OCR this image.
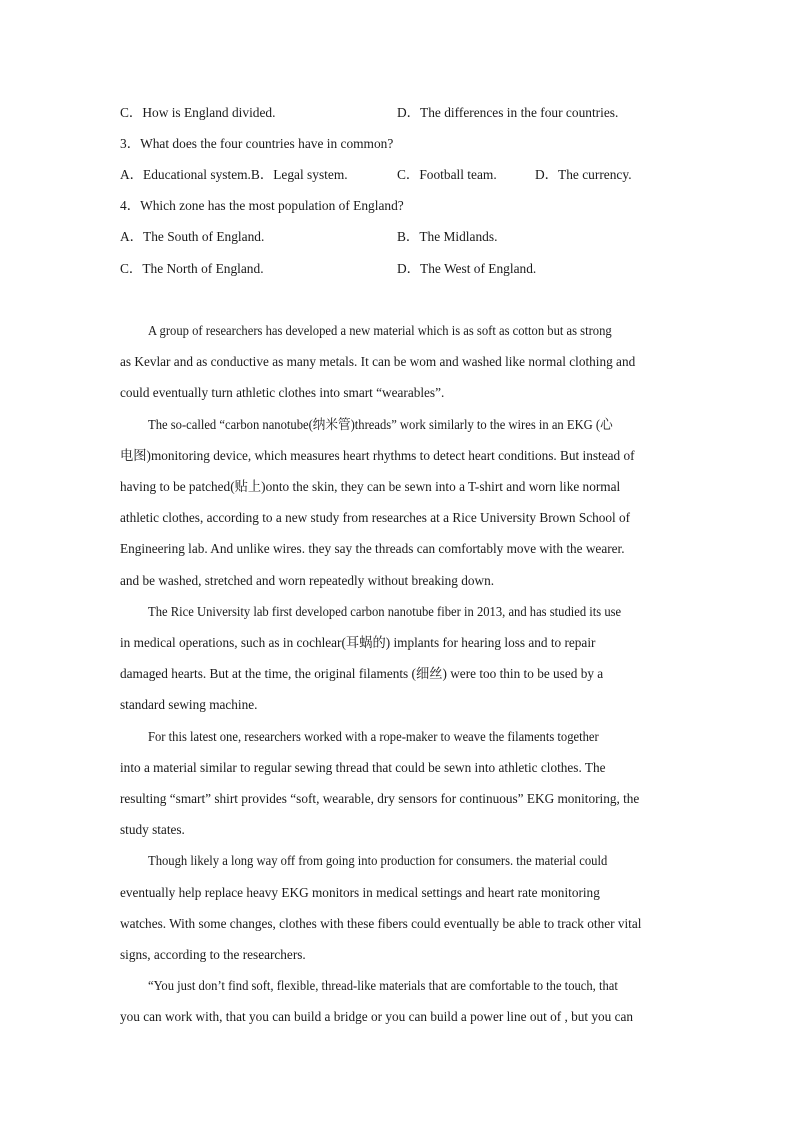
C．How is England divided.	D．The differences in the four countries.
3．What does the four countries have in common?
A．Educational system.B．Legal system.	C．Football team.	D．The currency.
4．Which zone has the most population of England?
A．The South of England.	B．The Midlands.
C．The North of England.	D．The West of England.
A group of researchers has developed a new material which is as soft as cotton but as strong
as Kevlar and as conductive as many metals. It can be wom and washed like normal clothing and
could eventually turn athletic clothes into smart “wearables”.
The so-called “carbon nanotube(纳米管)threads” work similarly to the wires in an EKG (心
电图)monitoring device, which measures heart rhythms to detect heart conditions. But instead of
having to be patched(贴上)onto the skin, they can be sewn into a T-shirt and worn like normal
athletic clothes, according to a new study from researches at a Rice University Brown School of
Engineering lab. And unlike wires. they say the threads can comfortably move with the wearer.
and be washed, stretched and worn repeatedly without breaking down.
The Rice University lab first developed carbon nanotube fiber in 2013, and has studied its use
in medical operations, such as in cochlear(耳蜗的) implants for hearing loss and to repair
damaged hearts. But at the time, the original filaments (细丝) were too thin to be used by a
standard sewing machine.
For this latest one, researchers worked with a rope-maker to weave the filaments together
into a material similar to regular sewing thread that could be sewn into athletic clothes. The
resulting “smart” shirt provides “soft, wearable, dry sensors for continuous” EKG monitoring, the
study states.
Though likely a long way off from going into production for consumers. the material could
eventually help replace heavy EKG monitors in medical settings and heart rate monitoring
watches. With some changes, clothes with these fibers could eventually be able to track other vital
signs, according to the researchers.
“You just don’t find soft, flexible, thread-like materials that are comfortable to the touch, that
you can work with, that you can build a bridge or you can build a power line out of , but you can
